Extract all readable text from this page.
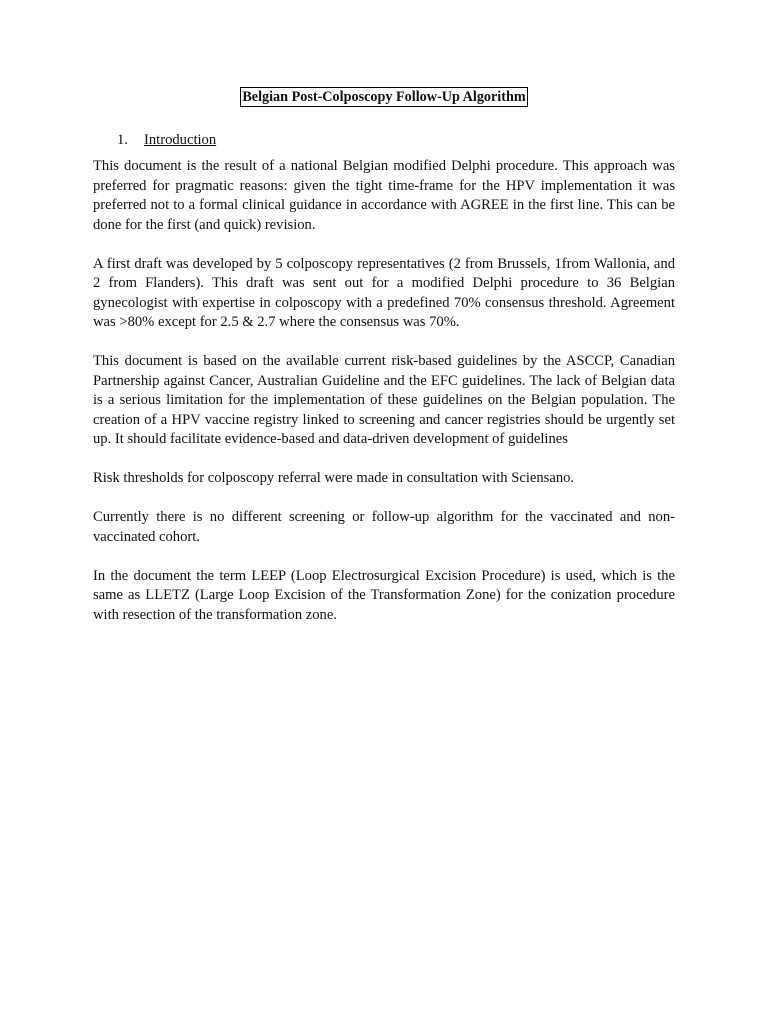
Belgian Post-Colposcopy Follow-Up Algorithm
1. Introduction

This document is the result of a national Belgian modified Delphi procedure. This approach was preferred for pragmatic reasons: given the tight time-frame for the HPV implementation it was preferred not to a formal clinical guidance in accordance with AGREE in the first line. This can be done for the first (and quick) revision.

A first draft was developed by 5 colposcopy representatives (2 from Brussels, 1from Wallonia, and 2 from Flanders). This draft was sent out for a modified Delphi procedure to 36 Belgian gynecologist with expertise in colposcopy with a predefined 70% consensus threshold. Agreement was >80% except for 2.5 & 2.7 where the consensus was 70%.

This document is based on the available current risk-based guidelines by the ASCCP, Canadian Partnership against Cancer, Australian Guideline and the EFC guidelines. The lack of Belgian data is a serious limitation for the implementation of these guidelines on the Belgian population. The creation of a HPV vaccine registry linked to screening and cancer registries should be urgently set up. It should facilitate evidence-based and data-driven development of guidelines

Risk thresholds for colposcopy referral were made in consultation with Sciensano.

Currently there is no different screening or follow-up algorithm for the vaccinated and non-vaccinated cohort.

In the document the term LEEP (Loop Electrosurgical Excision Procedure) is used, which is the same as LLETZ (Large Loop Excision of the Transformation Zone) for the conization procedure with resection of the transformation zone.
